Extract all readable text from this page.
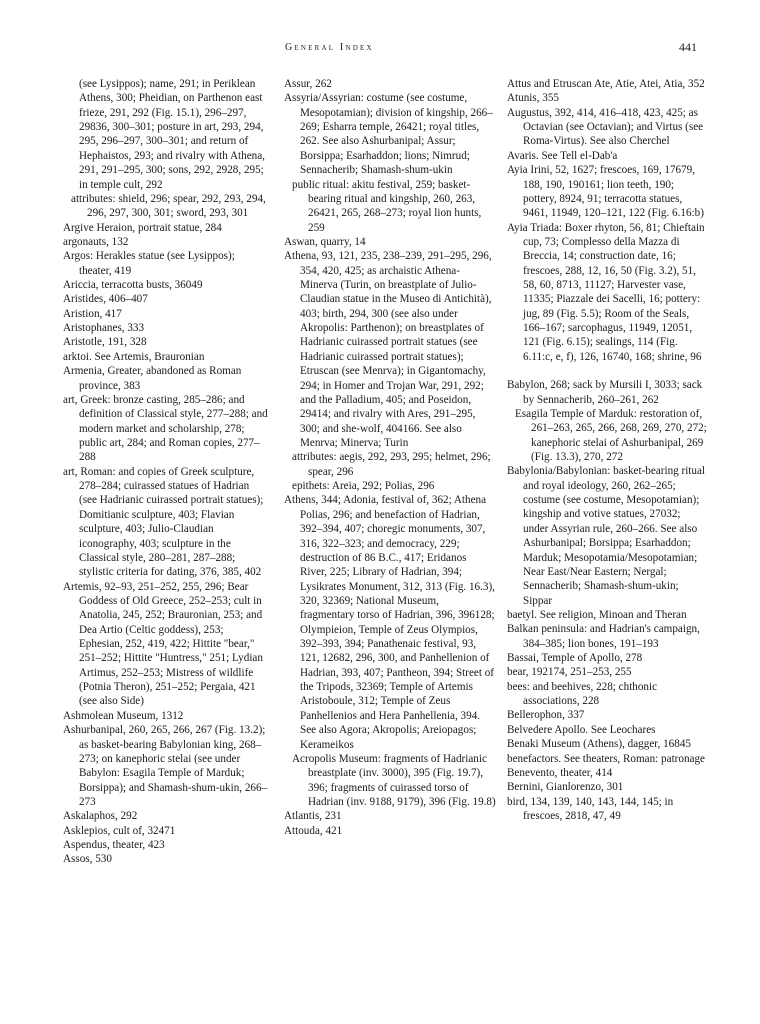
General Index	441
(see Lysippos); name, 291; in Periklean Athens, 300; Pheidian, on Parthenon east frieze, 291, 292 (Fig. 15.1), 296–297, 29836, 300–301; posture in art, 293, 294, 295, 296–297, 300–301; and return of Hephaistos, 293; and rivalry with Athena, 291, 291–295, 300; sons, 292, 2928, 295; in temple cult, 292
attributes: shield, 296; spear, 292, 293, 294, 296, 297, 300, 301; sword, 293, 301
Argive Heraion, portrait statue, 284
argonauts, 132
Argos: Herakles statue (see Lysippos); theater, 419
Ariccia, terracotta busts, 36049
Aristides, 406–407
Aristion, 417
Aristophanes, 333
Aristotle, 191, 328
arktoi. See Artemis, Brauronian
Armenia, Greater, abandoned as Roman province, 383
art, Greek: bronze casting, 285–286; and definition of Classical style, 277–288; and modern market and scholarship, 278; public art, 284; and Roman copies, 277–288
art, Roman: and copies of Greek sculpture, 278–284; cuirassed statues of Hadrian (see Hadrianic cuirassed portrait statues); Domitianic sculpture, 403; Flavian sculpture, 403; Julio-Claudian iconography, 403; sculpture in the Classical style, 280–281, 287–288; stylistic criteria for dating, 376, 385, 402
Artemis, 92–93, 251–252, 255, 296; Bear Goddess of Old Greece, 252–253; cult in Anatolia, 245, 252; Brauronian, 253; and Dea Artio (Celtic goddess), 253; Ephesian, 252, 419, 422; Hittite "bear," 251–252; Hittite "Huntress," 251; Lydian Artimus, 252–253; Mistress of wildlife (Potnia Theron), 251–252; Pergaia, 421 (see also Side)
Ashmolean Museum, 1312
Ashurbanipal, 260, 265, 266, 267 (Fig. 13.2); as basket-bearing Babylonian king, 268–273; on kanephoric stelai (see under Babylon: Esagila Temple of Marduk; Borsippa); and Shamash-shum-ukin, 266–273
Askalaphos, 292
Asklepios, cult of, 32471
Aspendus, theater, 423
Assos, 530
Assur, 262
Assyria/Assyrian: costume (see costume, Mesopotamian); division of kingship, 266–269; Esharra temple, 26421; royal titles, 262. See also Ashurbanipal; Assur; Borsippa; Esarhaddon; lions; Nimrud; Sennacherib; Shamash-shum-ukin
public ritual: akitu festival, 259; basket-bearing ritual and kingship, 260, 263, 26421, 265, 268–273; royal lion hunts, 259
Aswan, quarry, 14
Athena, 93, 121, 235, 238–239, 291–295, 296, 354, 420, 425; as archaistic Athena-Minerva (Turin, on breastplate of Julio-Claudian statue in the Museo di Antichità), 403; birth, 294, 300 (see also under Akropolis: Parthenon); on breastplates of Hadrianic cuirassed portrait statues (see Hadrianic cuirassed portrait statues); Etruscan (see Menrva); in Gigantomachy, 294; in Homer and Trojan War, 291, 292; and the Palladium, 405; and Poseidon, 29414; and rivalry with Ares, 291–295, 300; and she-wolf, 404166. See also Menrva; Minerva; Turin
attributes: aegis, 292, 293, 295; helmet, 296; spear, 296
epithets: Areia, 292; Polias, 296
Athens, 344; Adonia, festival of, 362; Athena Polias, 296; and benefaction of Hadrian, 392–394, 407; choregic monuments, 307, 316, 322–323; and democracy, 229; destruction of 86 B.C., 417; Eridanos River, 225; Library of Hadrian, 394; Lysikrates Monument, 312, 313 (Fig. 16.3), 320, 32369; National Museum, fragmentary torso of Hadrian, 396, 396128; Olympieion, Temple of Zeus Olympios, 392–393, 394; Panathenaic festival, 93, 121, 12682, 296, 300, and Panhellenion of Hadrian, 393, 407; Pantheon, 394; Street of the Tripods, 32369; Temple of Artemis Aristoboule, 312; Temple of Zeus Panhellenios and Hera Panhellenia, 394. See also Agora; Akropolis; Areiopagos; Kerameikos
Acropolis Museum: fragments of Hadrianic breastplate (inv. 3000), 395 (Fig. 19.7), 396; fragments of cuirassed torso of Hadrian (inv. 9188, 9179), 396 (Fig. 19.8)
Atlantis, 231
Attouda, 421
Attus and Etruscan Ate, Atie, Atei, Atia, 352
Atunis, 355
Augustus, 392, 414, 416–418, 423, 425; as Octavian (see Octavian); and Virtus (see Roma-Virtus). See also Cherchel
Avaris. See Tell el-Dab'a
Ayia Irini, 52, 1627; frescoes, 169, 17679, 188, 190, 190161; lion teeth, 190; pottery, 8924, 91; terracotta statues, 9461, 11949, 120–121, 122 (Fig. 6.16:b)
Ayia Triada: Boxer rhyton, 56, 81; Chieftain cup, 73; Complesso della Mazza di Breccia, 14; construction date, 16; frescoes, 288, 12, 16, 50 (Fig. 3.2), 51, 58, 60, 8713, 11127; Harvester vase, 11335; Piazzale dei Sacelli, 16; pottery: jug, 89 (Fig. 5.5); Room of the Seals, 166–167; sarcophagus, 11949, 12051, 121 (Fig. 6.15); sealings, 114 (Fig. 6.11:c, e, f), 126, 16740, 168; shrine, 96
Babylon, 268; sack by Mursili I, 3033; sack by Sennacherib, 260–261, 262
Esagila Temple of Marduk: restoration of, 261–263, 265, 266, 268, 269, 270, 272; kanephoric stelai of Ashurbanipal, 269 (Fig. 13.3), 270, 272
Babylonia/Babylonian: basket-bearing ritual and royal ideology, 260, 262–265; costume (see costume, Mesopotamian); kingship and votive statues, 27032; under Assyrian rule, 260–266. See also Ashurbanipal; Borsippa; Esarhaddon; Marduk; Mesopotamia/Mesopotamian; Near East/Near Eastern; Nergal; Sennacherib; Shamash-shum-ukin; Sippar
baetyl. See religion, Minoan and Theran
Balkan peninsula: and Hadrian's campaign, 384–385; lion bones, 191–193
Bassai, Temple of Apollo, 278
bear, 192174, 251–253, 255
bees: and beehives, 228; chthonic associations, 228
Bellerophon, 337
Belvedere Apollo. See Leochares
Benaki Museum (Athens), dagger, 16845
benefactors. See theaters, Roman: patronage
Benevento, theater, 414
Bernini, Gianlorenzo, 301
bird, 134, 139, 140, 143, 144, 145; in frescoes, 2818, 47, 49
